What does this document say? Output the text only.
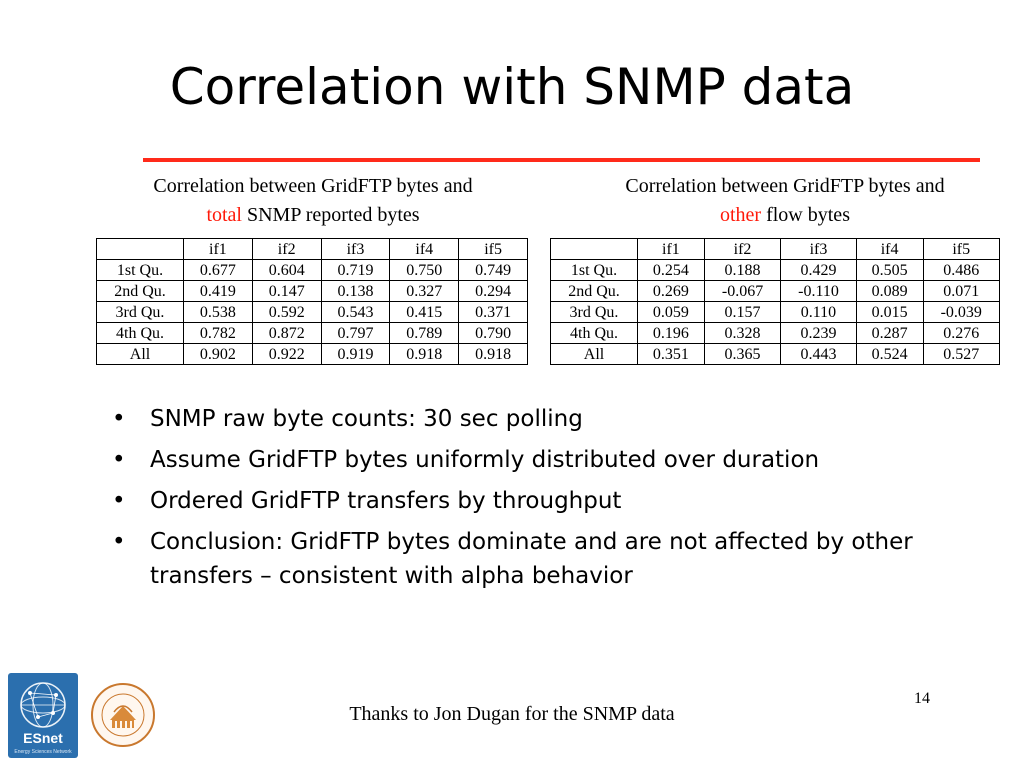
Correlation with SNMP data
Correlation between GridFTP bytes and
total SNMP reported bytes
Correlation between GridFTP bytes and
other flow bytes
	if1	if2	if3	if4	if5
1st Qu.	0.677	0.604	0.719	0.750	0.749
2nd Qu.	0.419	0.147	0.138	0.327	0.294
3rd Qu.	0.538	0.592	0.543	0.415	0.371
4th Qu.	0.782	0.872	0.797	0.789	0.790
All	0.902	0.922	0.919	0.918	0.918
	if1	if2	if3	if4	if5
1st Qu.	0.254	0.188	0.429	0.505	0.486
2nd Qu.	0.269	-0.067	-0.110	0.089	0.071
3rd Qu.	0.059	0.157	0.110	0.015	-0.039
4th Qu.	0.196	0.328	0.239	0.287	0.276
All	0.351	0.365	0.443	0.524	0.527
• SNMP raw byte counts: 30 sec polling
• Assume GridFTP bytes uniformly distributed over duration
• Ordered GridFTP transfers by throughput
• Conclusion: GridFTP bytes dominate and are not affected by other transfers – consistent with alpha behavior
ESnet
Energy Sciences Network
Thanks to Jon Dugan for the SNMP data
14
